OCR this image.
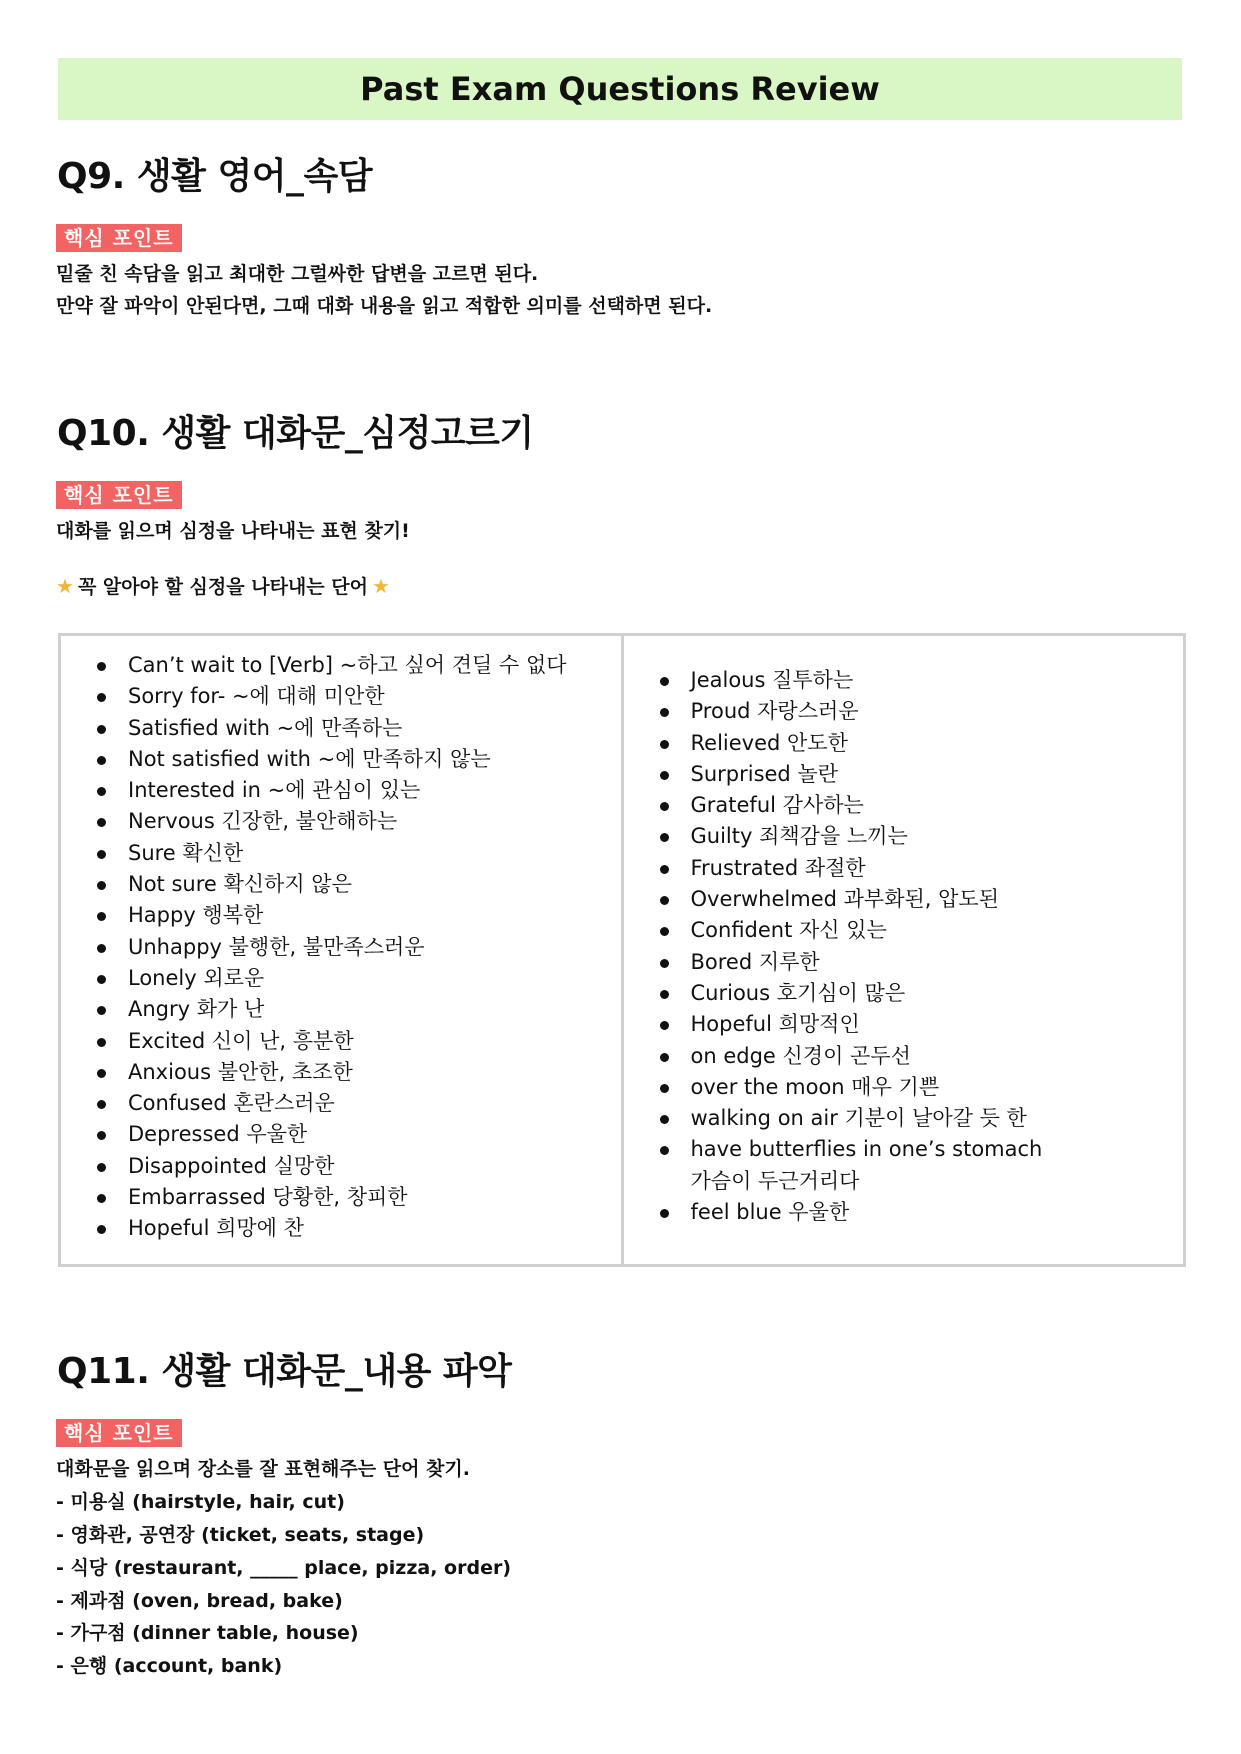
Past Exam Questions Review
Q9. 생활 영어_속담
핵심 포인트
밑줄 친 속담을 읽고 최대한 그럴싸한 답변을 고르면 된다.
만약 잘 파악이 안된다면, 그때 대화 내용을 읽고 적합한 의미를 선택하면 된다.
Q10. 생활 대화문_심정고르기
핵심 포인트
대화를 읽으며 심정을 나타내는 표현 찾기!
★ 꼭 알아야 할 심정을 나타내는 단어 ★
Can’t wait to [Verb] ~하고 싶어 견딜 수 없다
Sorry for- ~에 대해 미안한
Satisfied with ~에 만족하는
Not satisfied with ~에 만족하지 않는
Interested in ~에 관심이 있는
Nervous 긴장한, 불안해하는
Sure 확신한
Not sure 확신하지 않은
Happy 행복한
Unhappy 불행한, 불만족스러운
Lonely 외로운
Angry 화가 난
Excited 신이 난, 흥분한
Anxious 불안한, 초조한
Confused 혼란스러운
Depressed 우울한
Disappointed 실망한
Embarrassed 당황한, 창피한
Hopeful 희망에 찬
Jealous 질투하는
Proud 자랑스러운
Relieved 안도한
Surprised 놀란
Grateful 감사하는
Guilty 죄책감을 느끼는
Frustrated 좌절한
Overwhelmed 과부화된, 압도된
Confident 자신 있는
Bored 지루한
Curious 호기심이 많은
Hopeful 희망적인
on edge 신경이 곤두선
over the moon 매우 기쁜
walking on air 기분이 날아갈 듯 한
have butterflies in one’s stomach
가슴이 두근거리다
feel blue 우울한
Q11. 생활 대화문_내용 파악
핵심 포인트
대화문을 읽으며 장소를 잘 표현해주는 단어 찾기.
- 미용실 (hairstyle, hair, cut)
- 영화관, 공연장 (ticket, seats, stage)
- 식당 (restaurant, _____ place, pizza, order)
- 제과점 (oven, bread, bake)
- 가구점 (dinner table, house)
- 은행 (account, bank)
